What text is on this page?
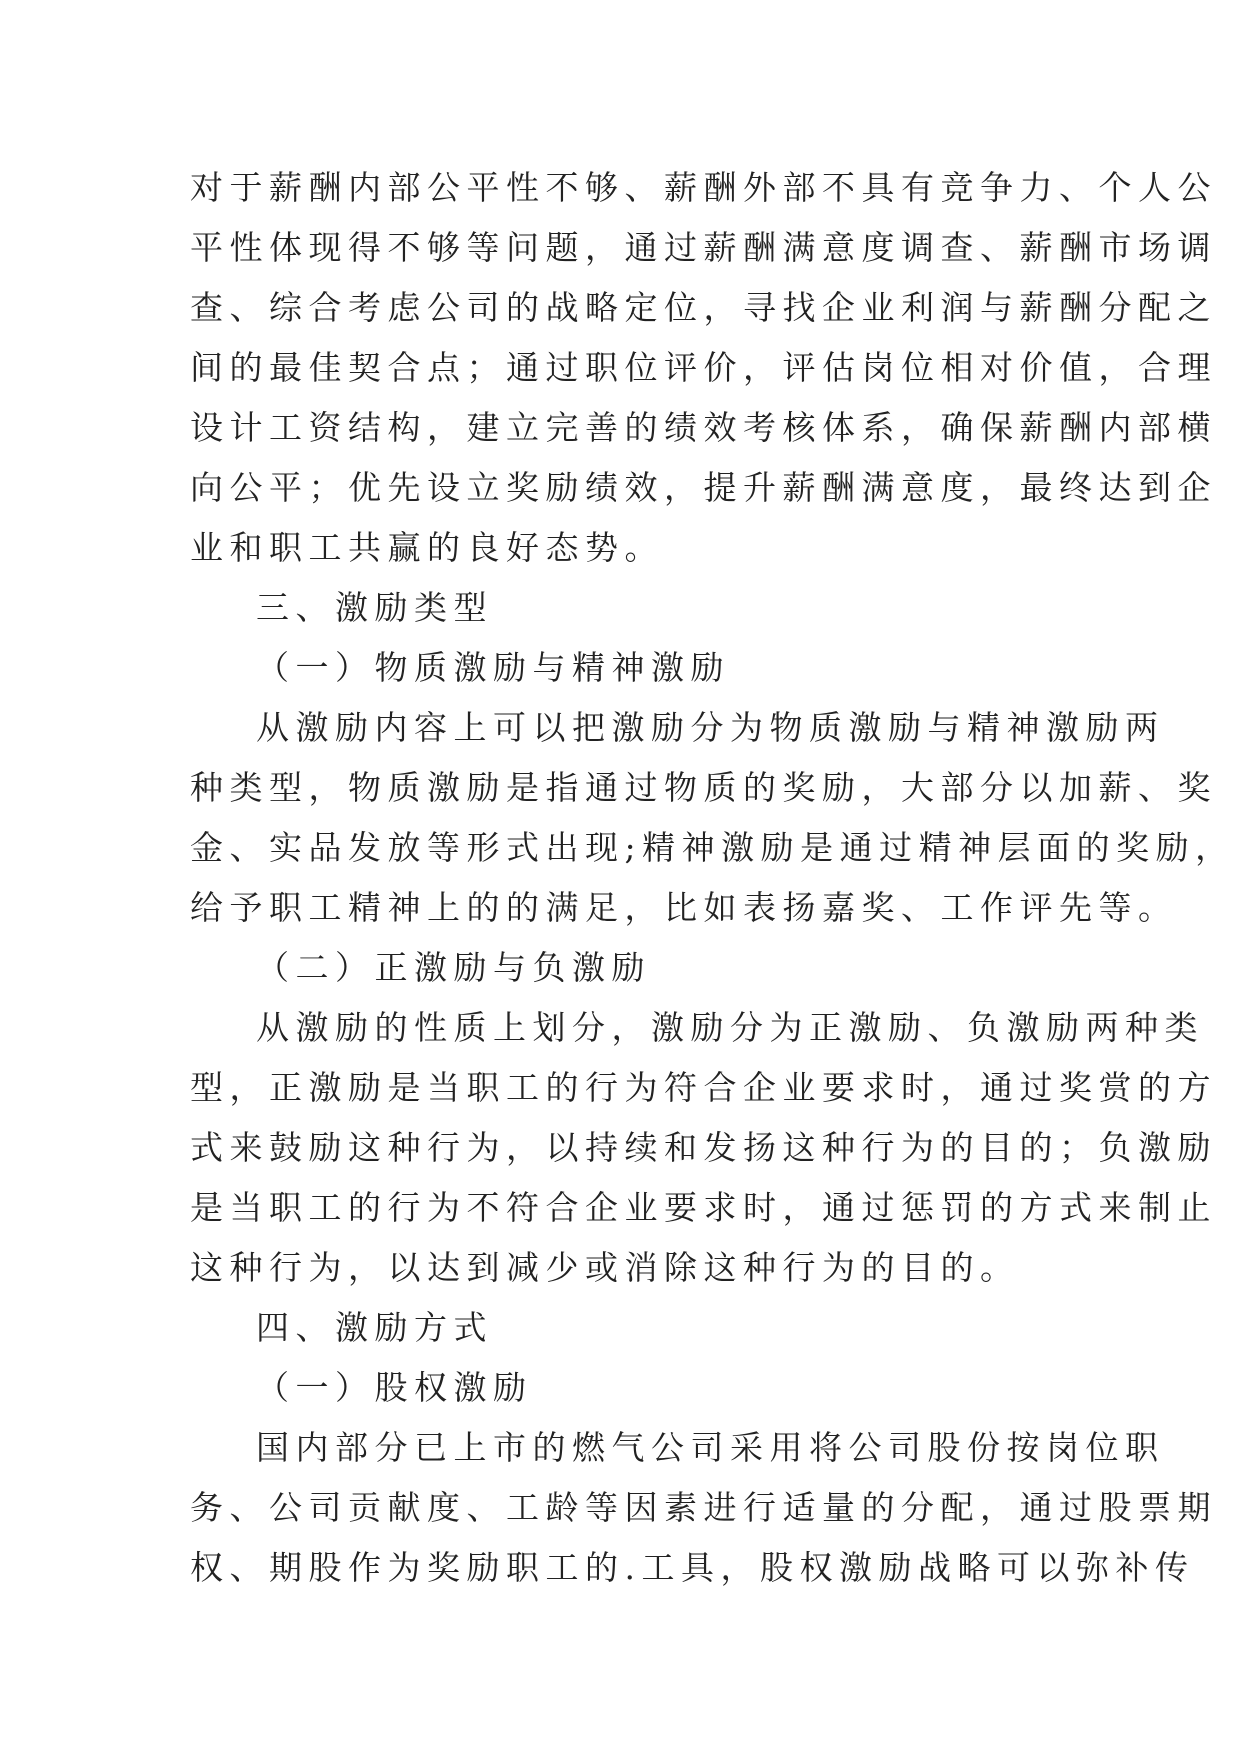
对于薪酬内部公平性不够、薪酬外部不具有竞争力、个人公
平性体现得不够等问题，通过薪酬满意度调查、薪酬市场调
查、综合考虑公司的战略定位，寻找企业利润与薪酬分配之
间的最佳契合点；通过职位评价，评估岗位相对价值，合理
设计工资结构，建立完善的绩效考核体系，确保薪酬内部横
向公平；优先设立奖励绩效，提升薪酬满意度，最终达到企
业和职工共赢的良好态势。
三、激励类型
（一）物质激励与精神激励
从激励内容上可以把激励分为物质激励与精神激励两
种类型，物质激励是指通过物质的奖励，大部分以加薪、奖
金、实品发放等形式出现;精神激励是通过精神层面的奖励，
给予职工精神上的的满足，比如表扬嘉奖、工作评先等。
（二）正激励与负激励
从激励的性质上划分，激励分为正激励、负激励两种类
型，正激励是当职工的行为符合企业要求时，通过奖赏的方
式来鼓励这种行为，以持续和发扬这种行为的目的；负激励
是当职工的行为不符合企业要求时，通过惩罚的方式来制止
这种行为，以达到减少或消除这种行为的目的。
四、激励方式
（一）股权激励
国内部分已上市的燃气公司采用将公司股份按岗位职
务、公司贡献度、工龄等因素进行适量的分配，通过股票期
权、期股作为奖励职工的.工具，股权激励战略可以弥补传
